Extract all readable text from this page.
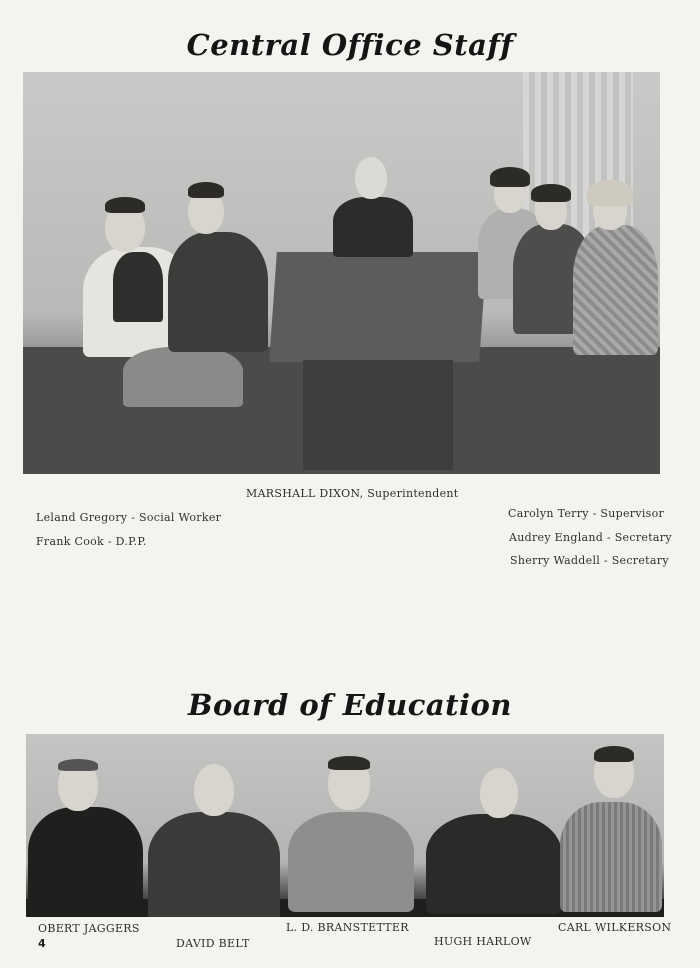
Central Office Staff
MARSHALL DIXON, Superintendent
Leland Gregory - Social Worker
Frank Cook - D.P.P.
Carolyn Terry - Supervisor
Audrey England - Secretary
Sherry Waddell - Secretary
Board of Education
OBERT JAGGERS
DAVID BELT
L. D. BRANSTETTER
HUGH HARLOW
CARL WILKERSON
4
